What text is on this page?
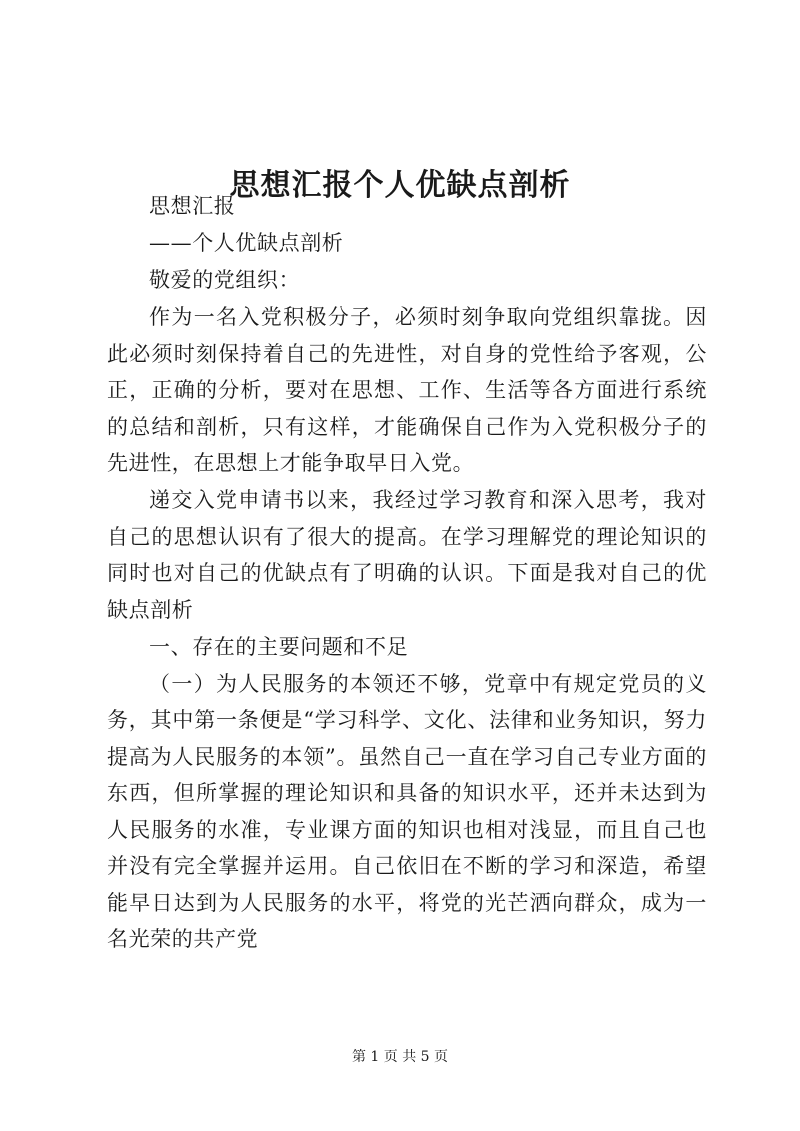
思想汇报个人优缺点剖析

思想汇报

——个人优缺点剖析

敬爱的党组织：

作为一名入党积极分子，必须时刻争取向党组织靠拢。因此必须时刻保持着自己的先进性，对自身的党性给予客观，公正，正确的分析，要对在思想、工作、生活等各方面进行系统的总结和剖析，只有这样，才能确保自己作为入党积极分子的先进性，在思想上才能争取早日入党。

递交入党申请书以来，我经过学习教育和深入思考，我对自己的思想认识有了很大的提高。在学习理解党的理论知识的同时也对自己的优缺点有了明确的认识。下面是我对自己的优缺点剖析

一、存在的主要问题和不足

（一）为人民服务的本领还不够，党章中有规定党员的义务，其中第一条便是“学习科学、文化、法律和业务知识，努力提高为人民服务的本领”。虽然自己一直在学习自己专业方面的东西，但所掌握的理论知识和具备的知识水平，还并未达到为人民服务的水准，专业课方面的知识也相对浅显，而且自己也并没有完全掌握并运用。自己依旧在不断的学习和深造，希望能早日达到为人民服务的水平，将党的光芒洒向群众，成为一名光荣的共产党

第 1 页 共 5 页
